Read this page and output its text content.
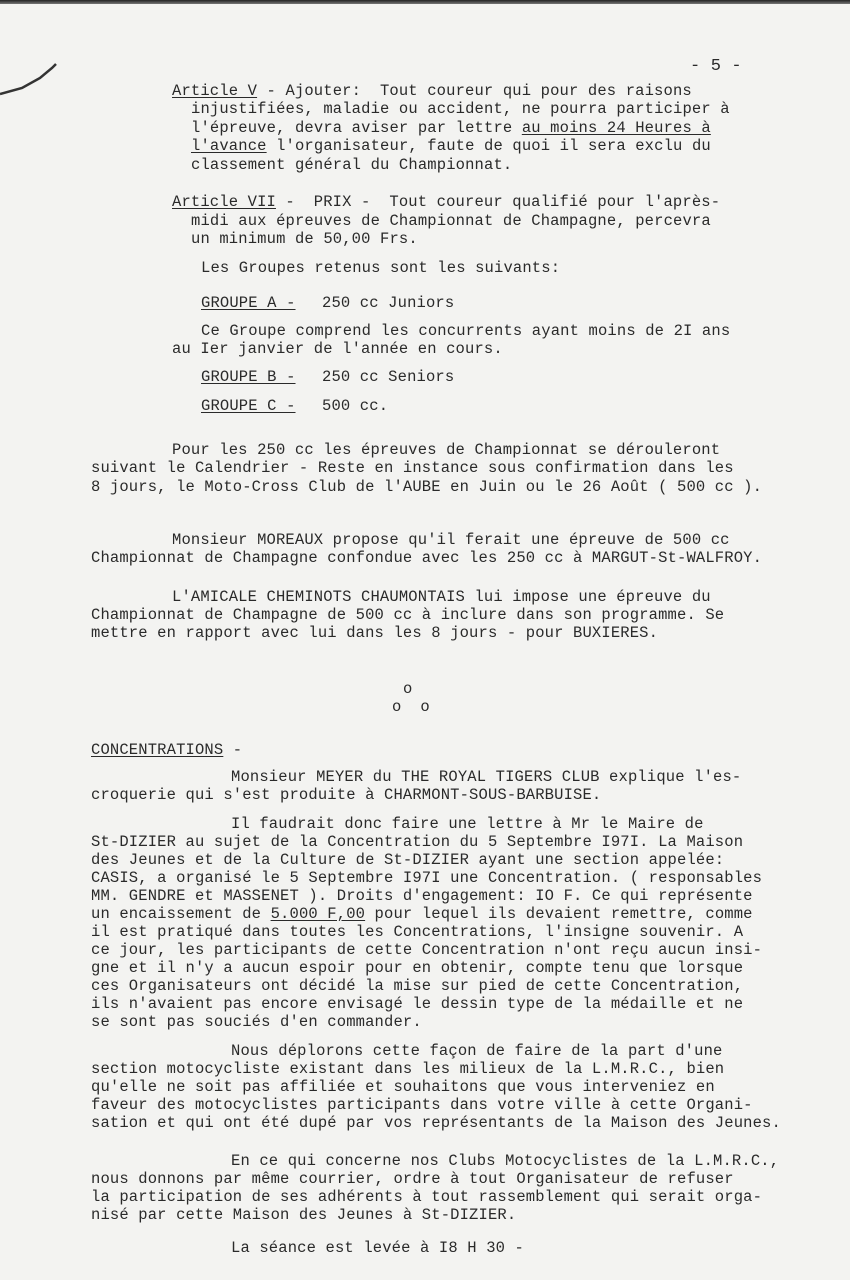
- 5 -
Article V - Ajouter:  Tout coureur qui pour des raisons
injustifiées, maladie ou accident, ne pourra participer à
l'épreuve, devra aviser par lettre au moins 24 Heures à
l'avance l'organisateur, faute de quoi il sera exclu du
classement général du Championnat.
Article VII -  PRIX -  Tout coureur qualifié pour l'après-
midi aux épreuves de Championnat de Champagne, percevra
un minimum de 50,00 Frs.
Les Groupes retenus sont les suivants:
GROUPE A - 250 cc Juniors
Ce Groupe comprend les concurrents ayant moins de 2I ans
au Ier janvier de l'année en cours.
GROUPE B - 250 cc Seniors
GROUPE C - 500 cc.
Pour les 250 cc les épreuves de Championnat se dérouleront
suivant le Calendrier - Reste en instance sous confirmation dans les
8 jours, le Moto-Cross Club de l'AUBE en Juin ou le 26 Août ( 500 cc ).
Monsieur MOREAUX propose qu'il ferait une épreuve de 500 cc
Championnat de Champagne confondue avec les 250 cc à MARGUT-St-WALFROY.
L'AMICALE CHEMINOTS CHAUMONTAIS lui impose une épreuve du
Championnat de Champagne de 500 cc à inclure dans son programme. Se
mettre en rapport avec lui dans les 8 jours - pour BUXIERES.
o
o  o
CONCENTRATIONS -
Monsieur MEYER du THE ROYAL TIGERS CLUB explique l'es-
croquerie qui s'est produite à CHARMONT-SOUS-BARBUISE.
Il faudrait donc faire une lettre à Mr le Maire de
St-DIZIER au sujet de la Concentration du 5 Septembre I97I. La Maison
des Jeunes et de la Culture de St-DIZIER ayant une section appelée:
CASIS, a organisé le 5 Septembre I97I une Concentration. ( responsables
MM. GENDRE et MASSENET ). Droits d'engagement: IO F. Ce qui représente
un encaissement de 5.000 F,00 pour lequel ils devaient remettre, comme
il est pratiqué dans toutes les Concentrations, l'insigne souvenir. A
ce jour, les participants de cette Concentration n'ont reçu aucun insi-
gne et il n'y a aucun espoir pour en obtenir, compte tenu que lorsque
ces Organisateurs ont décidé la mise sur pied de cette Concentration,
ils n'avaient pas encore envisagé le dessin type de la médaille et ne
se sont pas souciés d'en commander.
Nous déplorons cette façon de faire de la part d'une
section motocycliste existant dans les milieux de la L.M.R.C., bien
qu'elle ne soit pas affiliée et souhaitons que vous interveniez en
faveur des motocyclistes participants dans votre ville à cette Organi-
sation et qui ont été dupé par vos représentants de la Maison des Jeunes.
En ce qui concerne nos Clubs Motocyclistes de la L.M.R.C.,
nous donnons par même courrier, ordre à tout Organisateur de refuser
la participation de ses adhérents à tout rassemblement qui serait orga-
nisé par cette Maison des Jeunes à St-DIZIER.
La séance est levée à I8 H 30 -
